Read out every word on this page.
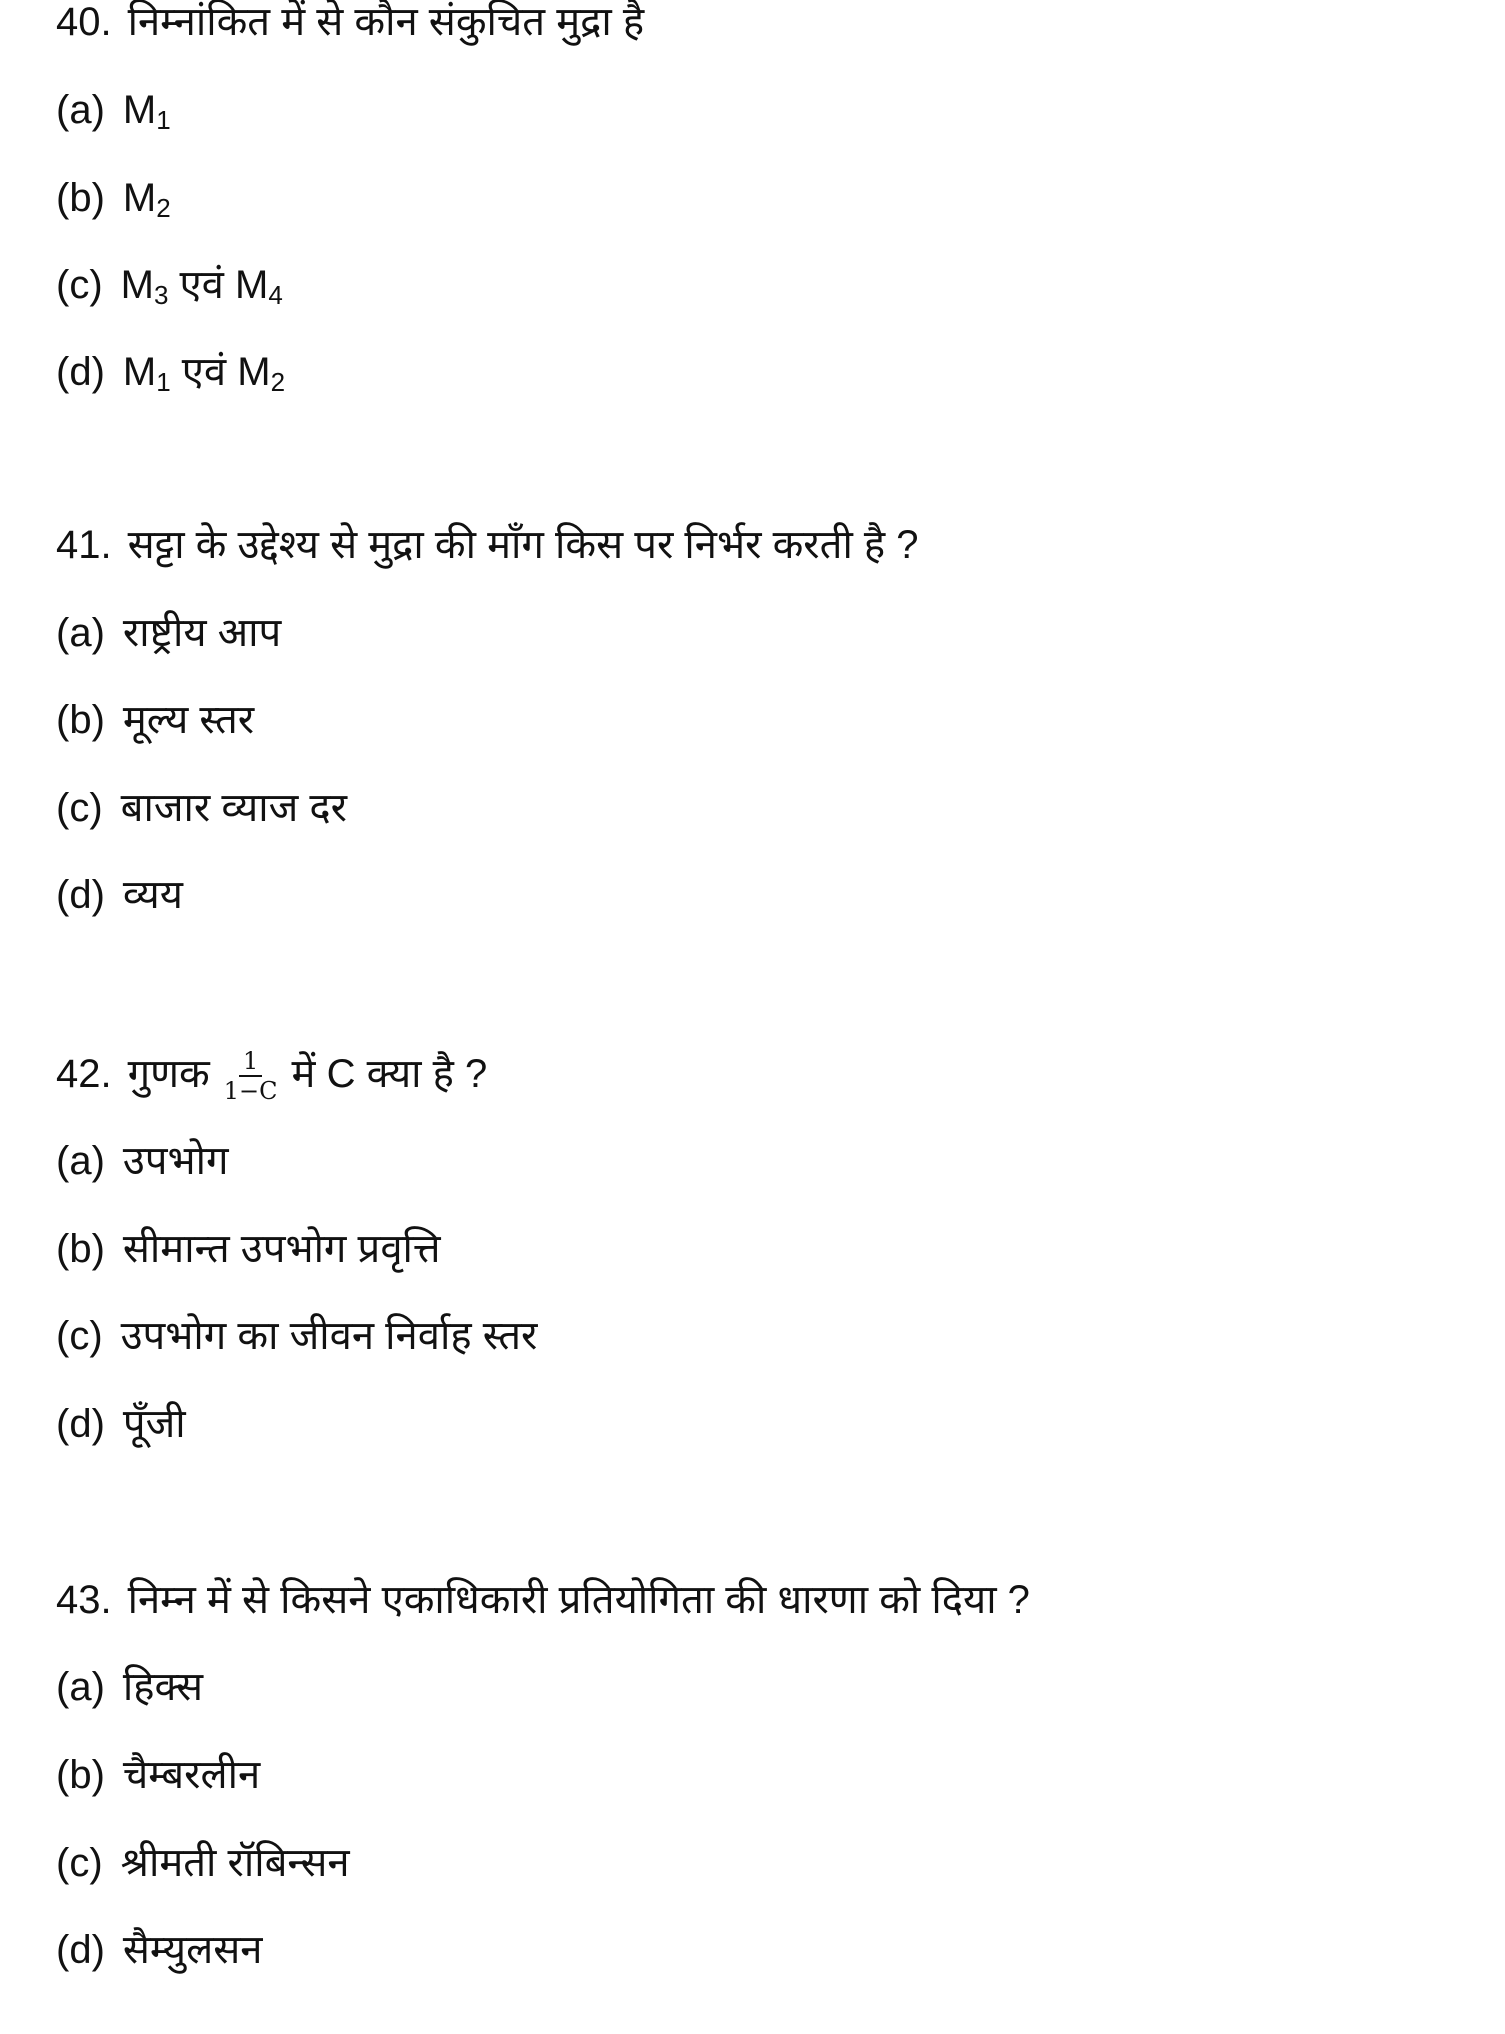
40. निम्नांकित में से कौन संकुचित मुद्रा है
(a) $M_1$
(b) $M_2$
(c) $M_3$ एवं $M_4$
(d) $M_1$ एवं $M_2$
41. सट्टा के उद्देश्य से मुद्रा की माँग किस पर निर्भर करती है ?
(a) राष्ट्रीय आप
(b) मूल्य स्तर
(c) बाजार व्याज दर
(d) व्यय
42. गुणक $\frac{1}{1-C}$ में C क्या है ?
(a) उपभोग
(b) सीमान्त उपभोग प्रवृत्ति
(c) उपभोग का जीवन निर्वाह स्तर
(d) पूँजी
43. निम्न में से किसने एकाधिकारी प्रतियोगिता की धारणा को दिया ?
(a) हिक्स
(b) चैम्बरलीन
(c) श्रीमती रॉबिन्सन
(d) सैम्युलसन
